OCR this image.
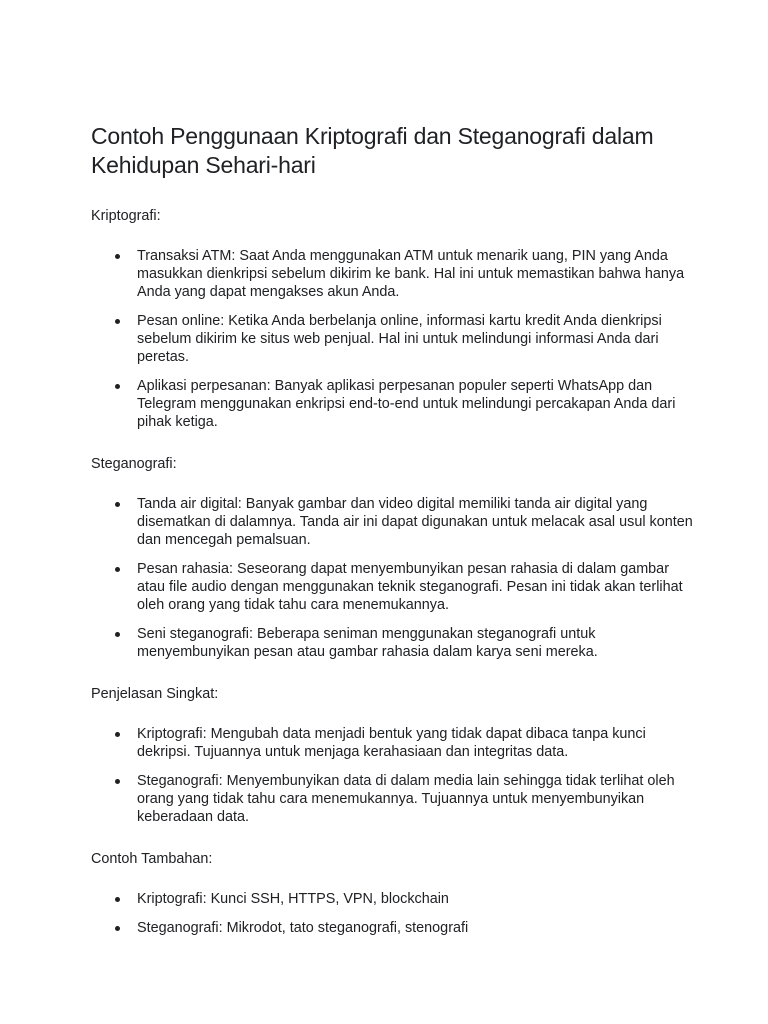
Contoh Penggunaan Kriptografi dan Steganografi dalam Kehidupan Sehari-hari

Kriptografi:

Transaksi ATM: Saat Anda menggunakan ATM untuk menarik uang, PIN yang Anda masukkan dienkripsi sebelum dikirim ke bank. Hal ini untuk memastikan bahwa hanya Anda yang dapat mengakses akun Anda.
Pesan online: Ketika Anda berbelanja online, informasi kartu kredit Anda dienkripsi sebelum dikirim ke situs web penjual. Hal ini untuk melindungi informasi Anda dari peretas.
Aplikasi perpesanan: Banyak aplikasi perpesanan populer seperti WhatsApp dan Telegram menggunakan enkripsi end-to-end untuk melindungi percakapan Anda dari pihak ketiga.

Steganografi:

Tanda air digital: Banyak gambar dan video digital memiliki tanda air digital yang disematkan di dalamnya. Tanda air ini dapat digunakan untuk melacak asal usul konten dan mencegah pemalsuan.
Pesan rahasia: Seseorang dapat menyembunyikan pesan rahasia di dalam gambar atau file audio dengan menggunakan teknik steganografi. Pesan ini tidak akan terlihat oleh orang yang tidak tahu cara menemukannya.
Seni steganografi: Beberapa seniman menggunakan steganografi untuk menyembunyikan pesan atau gambar rahasia dalam karya seni mereka.

Penjelasan Singkat:

Kriptografi: Mengubah data menjadi bentuk yang tidak dapat dibaca tanpa kunci dekripsi. Tujuannya untuk menjaga kerahasiaan dan integritas data.
Steganografi: Menyembunyikan data di dalam media lain sehingga tidak terlihat oleh orang yang tidak tahu cara menemukannya. Tujuannya untuk menyembunyikan keberadaan data.

Contoh Tambahan:

Kriptografi: Kunci SSH, HTTPS, VPN, blockchain
Steganografi: Mikrodot, tato steganografi, stenografi
